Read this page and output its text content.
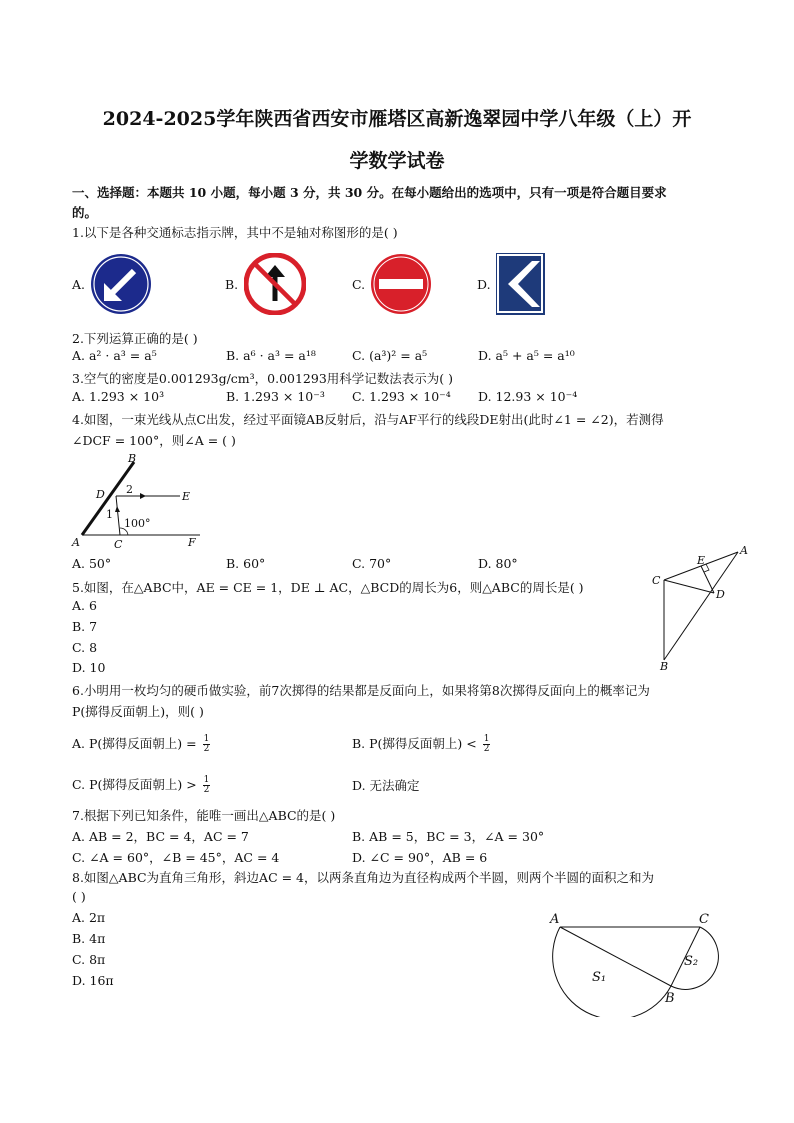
2024-2025学年陕西省西安市雁塔区高新逸翠园中学八年级（上）开
学数学试卷
一、选择题：本题共 10 小题，每小题 3 分，共 30 分。在每小题给出的选项中，只有一项是符合题目要求
的。
1.以下是各种交通标志指示牌，其中不是轴对称图形的是( )
A.	B.	C.	D.
2.下列运算正确的是( )
A. a² · a³ = a⁵	B. a⁶ · a³ = a¹⁸	C. (a³)² = a⁵	D. a⁵ + a⁵ = a¹⁰
3.空气的密度是0.001293g/cm³，0.001293用科学记数法表示为( )
A. 1.293 × 10³	B. 1.293 × 10⁻³ C. 1.293 × 10⁻⁴ D. 12.93 × 10⁻⁴
4.如图，一束光线从点C出发，经过平面镜AB反射后，沿与AF平行的线段DE射出(此时∠1 = ∠2)，若测得
∠DCF = 100°，则∠A = ( )
B
D	E
A	C	F
1
2
100°
A. 50°	B. 60°	C. 70°	D. 80°
5.如图，在△ABC中，AE = CE = 1，DE ⊥ AC，△BCD的周长为6，则△ABC的周长是( )
A. 6
B. 7
C. 8
D. 10
A
E
C
D
B
6.小明用一枚均匀的硬币做实验，前7次掷得的结果都是反面向上，如果将第8次掷得反面向上的概率记为
P(掷得反面朝上)，则( )
A. P(掷得反面朝上) = $\frac{1}{2}$	B. P(掷得反面朝上) < $\frac{1}{2}$
C. P(掷得反面朝上) > $\frac{1}{2}$	D. 无法确定
7.根据下列已知条件，能唯一画出△ABC的是( )
A. AB = 2，BC = 4，AC = 7	B. AB = 5，BC = 3，∠A = 30°
C. ∠A = 60°，∠B = 45°，AC = 4	D. ∠C = 90°，AB = 6
8.如图△ABC为直角三角形，斜边AC = 4，以两条直角边为直径构成两个半圆，则两个半圆的面积之和为
( )
A. 2π
B. 4π
C. 8π
D. 16π
A	C
B
S₁
S₂
